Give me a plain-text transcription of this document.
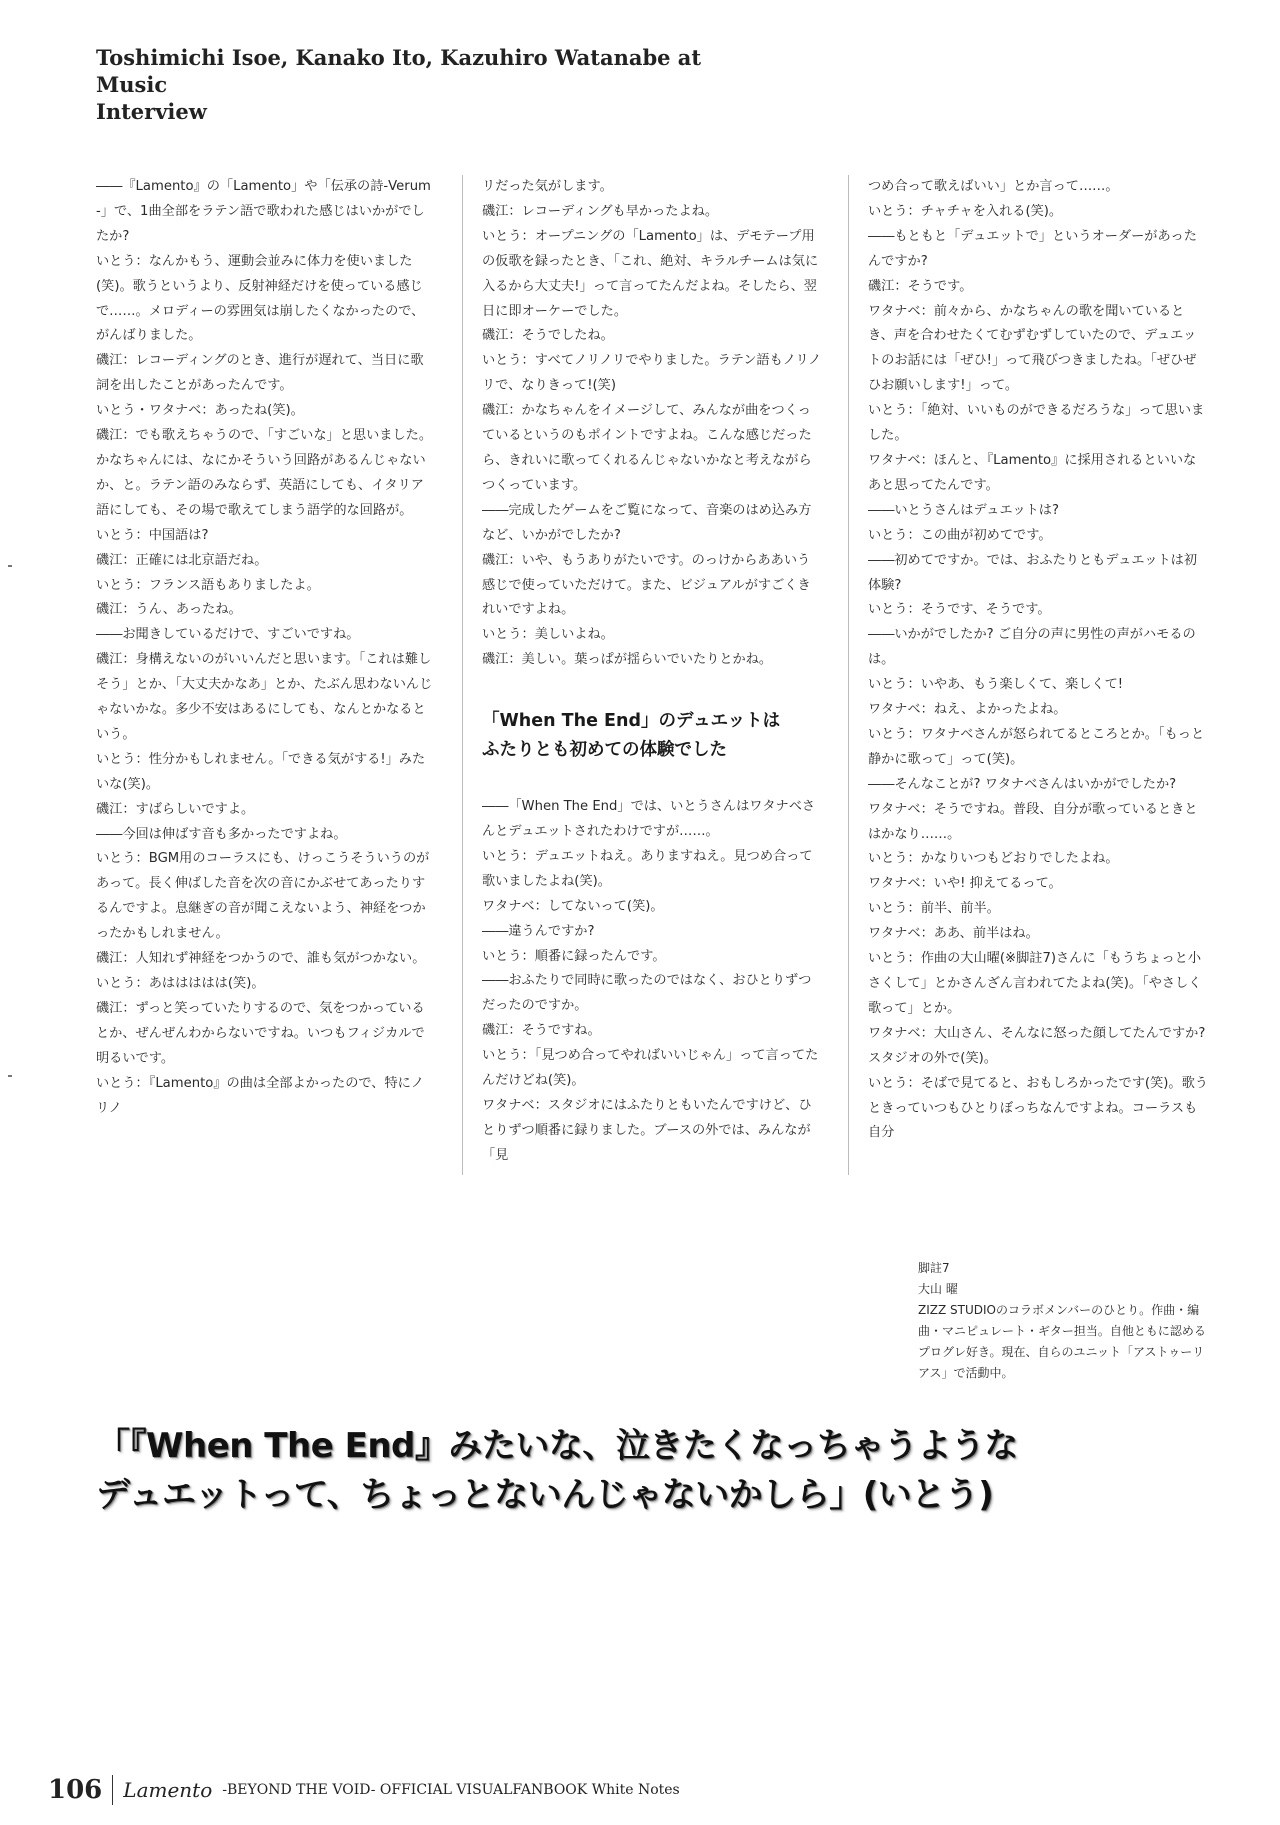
Toshimichi Isoe, Kanako Ito, Kazuhiro Watanabe at Music
Interview

――『Lamento』の「Lamento」や「伝承の詩-Verum-」で、1曲全部をラテン語で歌われた感じはいかがでしたか?

いとう：なんかもう、運動会並みに体力を使いました(笑)。歌うというより、反射神経だけを使っている感じで……。メロディーの雰囲気は崩したくなかったので、がんばりました。

磯江：レコーディングのとき、進行が遅れて、当日に歌詞を出したことがあったんです。

いとう・ワタナベ：あったね(笑)。

磯江：でも歌えちゃうので、「すごいな」と思いました。かなちゃんには、なにかそういう回路があるんじゃないか、と。ラテン語のみならず、英語にしても、イタリア語にしても、その場で歌えてしまう語学的な回路が。

いとう：中国語は?

磯江：正確には北京語だね。

いとう：フランス語もありましたよ。

磯江：うん、あったね。

――お聞きしているだけで、すごいですね。

磯江：身構えないのがいいんだと思います。「これは難しそう」とか、「大丈夫かなあ」とか、たぶん思わないんじゃないかな。多少不安はあるにしても、なんとかなるという。

いとう：性分かもしれません。「できる気がする!」みたいな(笑)。

磯江：すばらしいですよ。

――今回は伸ばす音も多かったですよね。

いとう：BGM用のコーラスにも、けっこうそういうのがあって。長く伸ばした音を次の音にかぶせてあったりするんですよ。息継ぎの音が聞こえないよう、神経をつかったかもしれません。

磯江：人知れず神経をつかうので、誰も気がつかない。

いとう：あははははは(笑)。

磯江：ずっと笑っていたりするので、気をつかっているとか、ぜんぜんわからないですね。いつもフィジカルで明るいです。

いとう：『Lamento』の曲は全部よかったので、特にノリノ

リだった気がします。

磯江：レコーディングも早かったよね。

いとう：オープニングの「Lamento」は、デモテープ用の仮歌を録ったとき、「これ、絶対、キラルチームは気に入るから大丈夫!」って言ってたんだよね。そしたら、翌日に即オーケーでした。

磯江：そうでしたね。

いとう：すべてノリノリでやりました。ラテン語もノリノリで、なりきって!(笑)

磯江：かなちゃんをイメージして、みんなが曲をつくっているというのもポイントですよね。こんな感じだったら、きれいに歌ってくれるんじゃないかなと考えながらつくっています。

――完成したゲームをご覧になって、音楽のはめ込み方など、いかがでしたか?

磯江：いや、もうありがたいです。のっけからああいう感じで使っていただけて。また、ビジュアルがすごくきれいですよね。

いとう：美しいよね。

磯江：美しい。葉っぱが揺らいでいたりとかね。

「When The End」のデュエットは
ふたりとも初めての体験でした

――「When The End」では、いとうさんはワタナベさんとデュエットされたわけですが……。

いとう：デュエットねえ。ありますねえ。見つめ合って歌いましたよね(笑)。

ワタナベ：してないって(笑)。

――違うんですか?

いとう：順番に録ったんです。

――おふたりで同時に歌ったのではなく、おひとりずつだったのですか。

磯江：そうですね。

いとう：「見つめ合ってやればいいじゃん」って言ってたんだけどね(笑)。

ワタナベ：スタジオにはふたりともいたんですけど、ひとりずつ順番に録りました。ブースの外では、みんなが「見

つめ合って歌えばいい」とか言って……。

いとう：チャチャを入れる(笑)。

――もともと「デュエットで」というオーダーがあったんですか?

磯江：そうです。

ワタナベ：前々から、かなちゃんの歌を聞いているとき、声を合わせたくてむずむずしていたので、デュエットのお話には「ぜひ!」って飛びつきましたね。「ぜひぜひお願いします!」って。

いとう：「絶対、いいものができるだろうな」って思いました。

ワタナベ：ほんと、『Lamento』に採用されるといいなあと思ってたんです。

――いとうさんはデュエットは?

いとう：この曲が初めてです。

――初めてですか。では、おふたりともデュエットは初体験?

いとう：そうです、そうです。

――いかがでしたか? ご自分の声に男性の声がハモるのは。

いとう：いやあ、もう楽しくて、楽しくて!

ワタナベ：ねえ、よかったよね。

いとう：ワタナベさんが怒られてるところとか。「もっと静かに歌って」って(笑)。

――そんなことが? ワタナベさんはいかがでしたか?

ワタナベ：そうですね。普段、自分が歌っているときとはかなり……。

いとう：かなりいつもどおりでしたよね。

ワタナベ：いや! 抑えてるって。

いとう：前半、前半。

ワタナベ：ああ、前半はね。

いとう：作曲の大山曜(※脚註7)さんに「もうちょっと小さくして」とかさんざん言われてたよね(笑)。「やさしく歌って」とか。

ワタナベ：大山さん、そんなに怒った顔してたんですか?スタジオの外で(笑)。

いとう：そばで見てると、おもしろかったです(笑)。歌うときっていつもひとりぼっちなんですよね。コーラスも自分

脚註7
大山 曜
ZIZZ STUDIOのコラボメンバーのひとり。作曲・編曲・マニピュレート・ギター担当。自他ともに認めるプログレ好き。現在、自らのユニット「アストゥーリアス」で活動中。
「『When The End』みたいな、泣きたくなっちゃうような
デュエットって、ちょっとないんじゃないかしら」(いとう)
106 Lamento -BEYOND THE VOID- OFFICIAL VISUALFANBOOK White Notes
